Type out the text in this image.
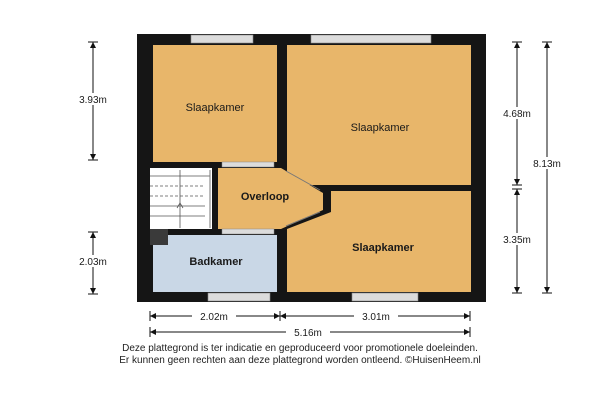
Slaapkamer
Slaapkamer
Overloop
Badkamer
Slaapkamer
3.93m
2.03m
4.68m
3.35m
8.13m
2.02m	3.01m
5.16m
Deze plattegrond is ter indicatie en geproduceerd voor promotionele doeleinden.
Er kunnen geen rechten aan deze plattegrond worden ontleend. ©HuisenHeem.nl
